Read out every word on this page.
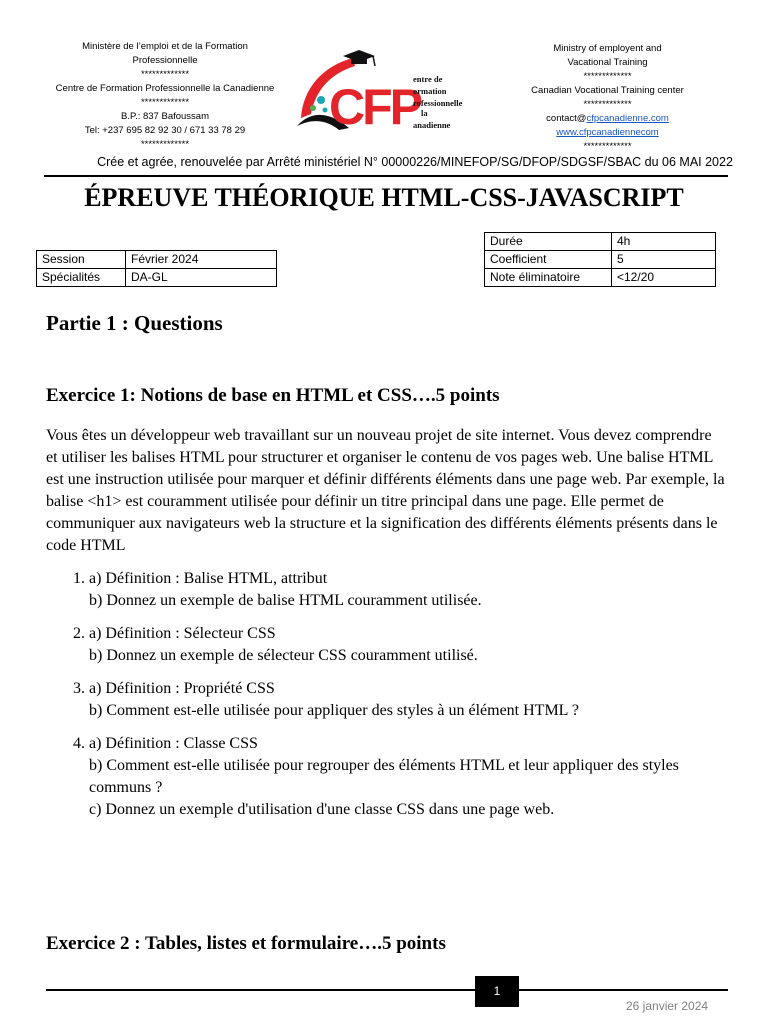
Ministère de l’emploi et de la Formation
Professionnelle
*************
Centre de Formation Professionnelle la Canadienne
*************
B.P.: 837 Bafoussam
Tel: +237 695 82 92 30 / 671 33 78 29
*************
CFP
entre de
ormation
rofessionnelle
la
anadienne
Ministry of employent and
Vacational Training
*************
Canadian Vocational Training center
*************
contact@cfpcanadienne.com
www.cfpcanadiennecom
*************
Crée et agrée, renouvelée par Arrêté ministériel N° 00000226/MINEFOP/SG/DFOP/SDGSF/SBAC du 06 MAI 2022
ÉPREUVE THÉORIQUE HTML-CSS-JAVASCRIPT
Session	Février 2024
Spécialités	DA-GL
Durée	4h
Coefficient	5
Note éliminatoire	<12/20
Partie 1 : Questions
Exercice 1: Notions de base en HTML et CSS….5 points

Vous êtes un développeur web travaillant sur un nouveau projet de site internet. Vous devez comprendre et utiliser les balises HTML pour structurer et organiser le contenu de vos pages web. Une balise HTML est une instruction utilisée pour marquer et définir différents éléments dans une page web. Par exemple, la balise <h1> est couramment utilisée pour définir un titre principal dans une page. Elle permet de communiquer aux navigateurs web la structure et la signification des différents éléments présents dans le code HTML

1. a) Définition : Balise HTML, attribut
b) Donnez un exemple de balise HTML couramment utilisée.
2. a) Définition : Sélecteur CSS
b) Donnez un exemple de sélecteur CSS couramment utilisé.
3. a) Définition : Propriété CSS
b) Comment est-elle utilisée pour appliquer des styles à un élément HTML ?
4. a) Définition : Classe CSS
b) Comment est-elle utilisée pour regrouper des éléments HTML et leur appliquer des styles communs ?
c) Donnez un exemple d'utilisation d'une classe CSS dans une page web.
Exercice 2 : Tables, listes et formulaire….5 points
1
26 janvier 2024
